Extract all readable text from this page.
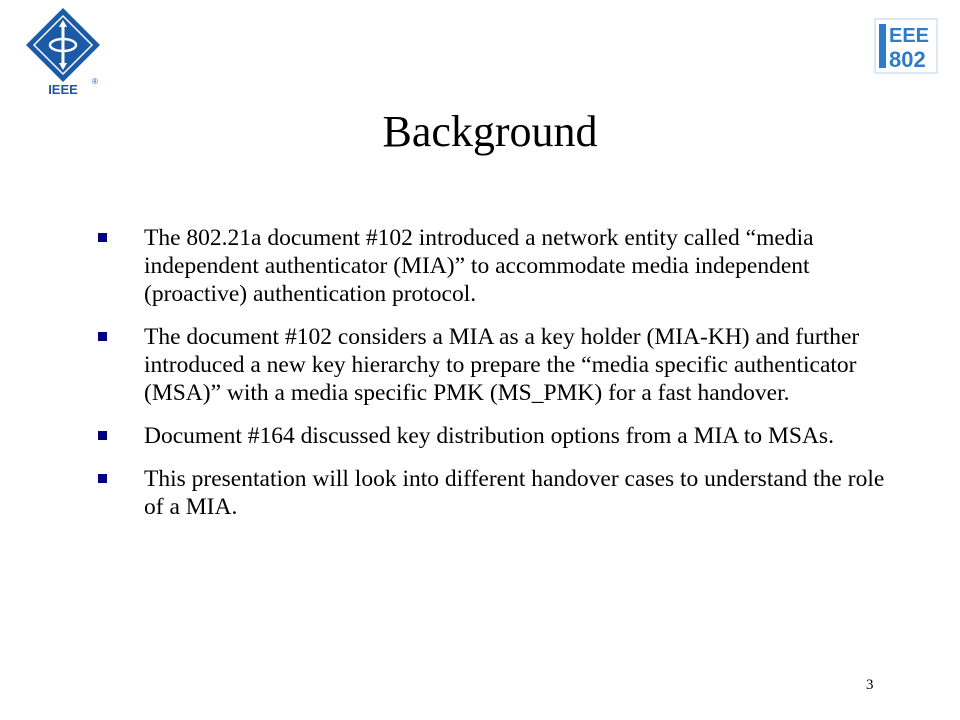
®
IEEE
EEE
802
Background
The 802.21a document #102 introduced a network entity called “media independent authenticator (MIA)” to accommodate media independent (proactive) authentication protocol.
The document #102 considers a MIA as a key holder (MIA-KH) and further introduced a new key hierarchy to prepare the “media specific authenticator (MSA)” with a media specific PMK (MS_PMK) for a fast handover.
Document #164 discussed key distribution options from a MIA to MSAs.
This presentation will look into different handover cases to understand the role of a MIA.
3
